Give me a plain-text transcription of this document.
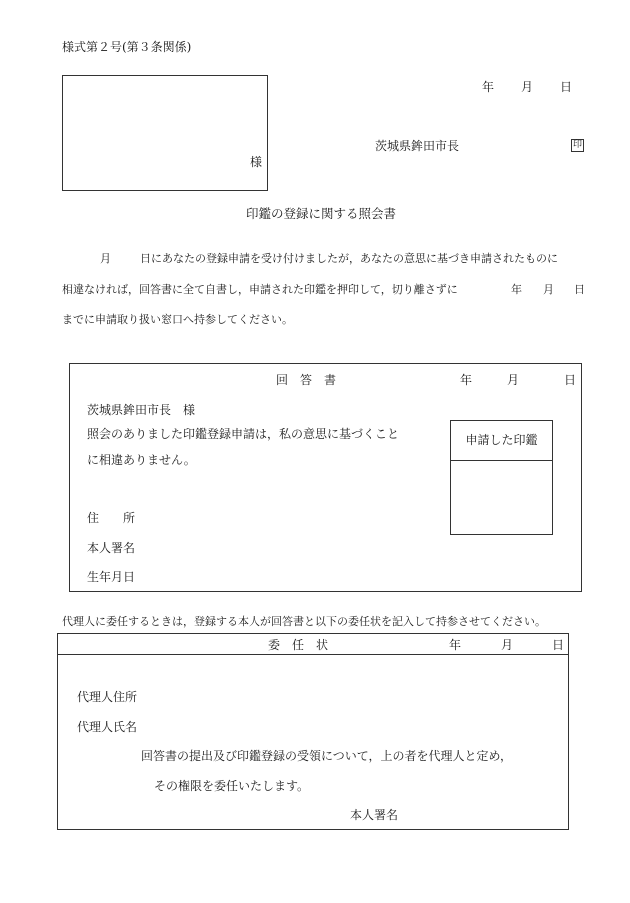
様式第２号(第３条関係)
年 月 日
様
茨城県鉾田市長	印
印鑑の登録に関する照会書
月	日にあなたの登録申請を受け付けましたが，あなたの意思に基づき申請されたものに
相違なければ，回答書に全て自書し，申請された印鑑を押印して，切り離さずに	年 月 日
までに申請取り扱い窓口へ持参してください。
回　答　書	年	月	日
茨城県鉾田市長　様
照会のありました印鑑登録申請は，私の意思に基づくこと
に相違ありません。
住　　所
本人署名
生年月日
申請した印鑑
代理人に委任するときは，登録する本人が回答書と以下の委任状を記入して持参させてください。
委　任　状	年	月	日
代理人住所
代理人氏名
回答書の提出及び印鑑登録の受領について，上の者を代理人と定め，
その権限を委任いたします。
本人署名
